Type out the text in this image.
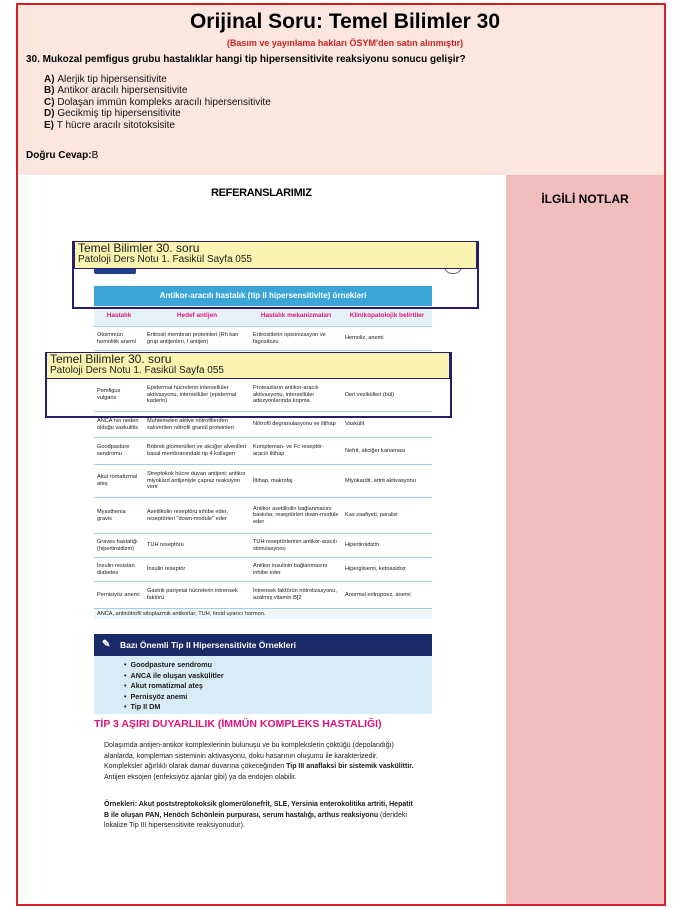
Orijinal Soru: Temel Bilimler 30
(Basım ve yayınlama hakları ÖSYM'den satın alınmıştır)
30. Mukozal pemfigus grubu hastalıklar hangi tip hipersensitivite reaksiyonu sonucu gelişir?
A) Alerjik tip hipersensitivite
B) Antikor aracılı hipersensitivite
C) Dolaşan immün kompleks aracılı hipersensitivite
D) Gecikmiş tip hipersensitivite
E) T hücre aracılı sitotoksisite
Doğru Cevap:B
İLGİLİ NOTLAR
REFERANSLARIMIZ
Antikor-aracılı hastalık (tip II hipersensitivite) örnekleri
Hastalık	Hedef antijen	Hastalık mekanizmaları	Klinikopatolojik belirtiler
Otoimmün hemolitik anemi	Eritrosit membran proteinleri (Rh kan grup antijenleri, I antijen)	Eritrositlerin opsonizasyon ve fagositozu	Hemoliz, anemi

Pemfigus vulgaris	Epidermal hücrelerin intersellüler aktivasyonu, intersellüler (epidermal kaderin)	Proteazların antikor-aracılı aktivasyonu, intersellüler adezyonlarında kopma	Deri vezikülleri (bül)
ANCA'nın neden olduğu vaskulitis	Muhtemelen aktive nötrofillerden salıverilen nötrofil granül proteinleri	Nötrofil degranulasyonu ve iltihap	Vaskülit
Goodpasture sendromu	Böbrek glomerülleri ve akciğer alveolleri basal membranındaki tip 4 kollagen	Kompleman- ve Fc reseptör-aracılı iltihap	Nefrit, akciğer kanaması
Akut romatizmal ateş	Streptokok hücre duvarı antijeni; antikor miyokard antijeniyle çapraz reaksiyon verir	İltihap, makrofaj	Miyokardit, artrit aktivasyonu
Myasthenia gravis	Asetilkolin reseptörü inhibe eder, reseptörleri "down-module" eder	Antikor asetilkolin bağlanmasını baskılar, reseptörleri down-modüle eder	Kas zaafiyeti, paralizi
Graves hastalığı (hipertiroidizm)	TUH reseptörü	TUH reseptörlerinin antikor-aracılı stimulasyonu	Hipertiroidizm
İnsulin-resistan diabetes	İnsulin reseptör	Antikor insulinin bağlanmasını inhibe eder	Hiperglisemi, ketoasidoz
Pernisiyöz anemi	Gastrik pariyetal hücrelerin intrensek faktörü	İntrensek faktörün nötrolizasyonu, azalmış vitamin B]2	Anormal eritropoez, anemi
ANCA, antinötrofil sitoplazmik antikorlar; TUH, tiroid uyarıcı hormon.
Temel Bilimler 30. soru
Patoloji Ders Notu 1. Fasikül Sayfa 055
Temel Bilimler 30. soru
Patoloji Ders Notu 1. Fasikül Sayfa 055
✎ Bazı Önemli Tip II Hipersensitivite Örnekleri
•  Goodpasture sendromu
•  ANCA ile oluşan vaskülitler
•  Akut romatizmal ateş
•  Pernisyöz anemi
•  Tip II DM
TİP 3 AŞIRI DUYARLILIK (İMMÜN KOMPLEKS HASTALIĞI)
Dolaşımda antijen-antikor komplexlerinin bulunuşu ve bu komplekslerin çöktüğü (depolandığı) alanlarda, kompleman sisteminin aktivasyonu, doku hasarının oluşumu ile karakterizedir. Kompleksler ağırlıklı olarak damar duvarına çökeceğinden Tip III anaflaksi bir sistemik vaskülittir. Antijen eksojen (enfeksiyöz ajanlar gibi) ya da endojen olabilir.
Örnekleri: Akut poststreptokoksik glomerülonefrit, SLE, Yersinia enterokolitika artriti, Hepatit B ile oluşan PAN, Henöch Schönlein purpurası, serum hastalığı, arthus reaksiyonu (derideki lokalize Tip III hipersensitivite reaksiyonudur).
